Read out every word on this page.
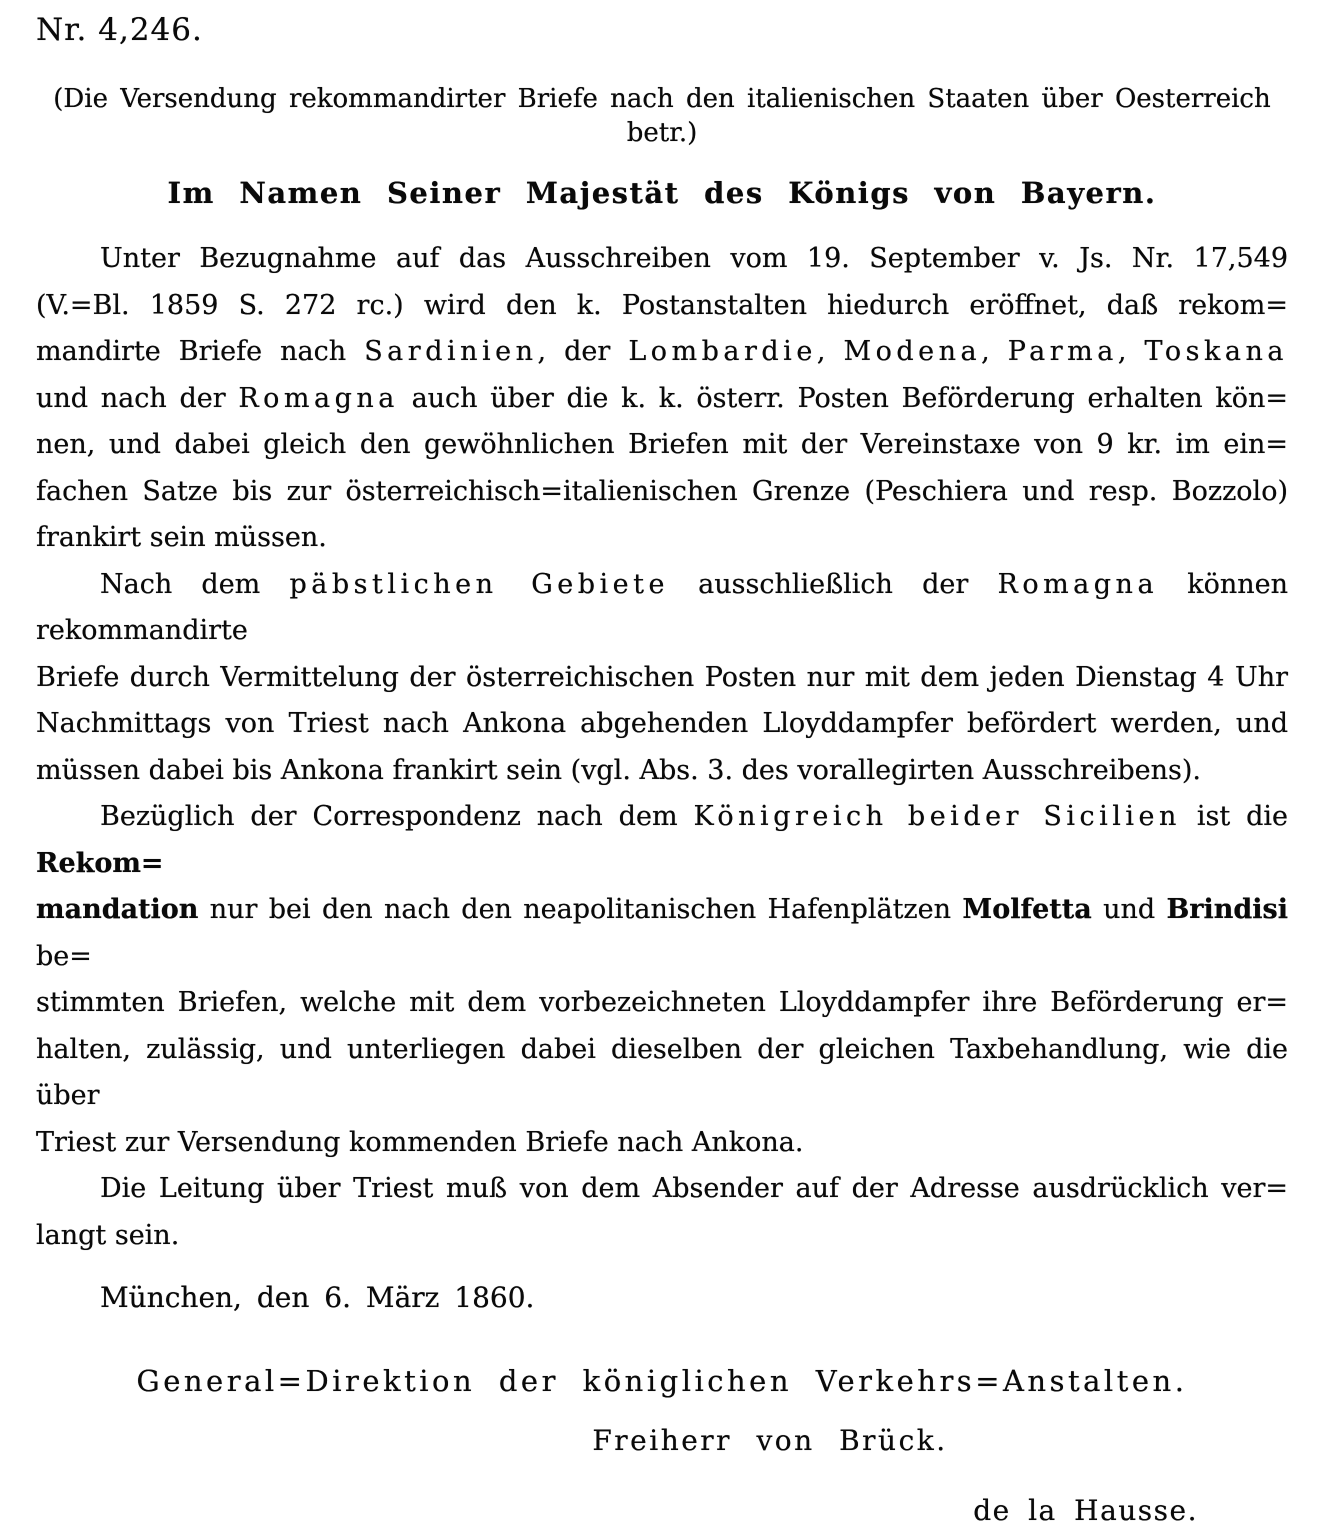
Nr. 4,246.
(Die Versendung rekommandirter Briefe nach den italienischen Staaten über Oesterreich betr.)
Im Namen Seiner Majestät des Königs von Bayern.
Unter Bezugnahme auf das Ausschreiben vom 19. September v. Js. Nr. 17,549
(V.=Bl. 1859 S. 272 rc.) wird den k. Postanstalten hiedurch eröffnet, daß rekom=
mandirte Briefe nach Sardinien, der Lombardie, Modena, Parma, Toskana
und nach der Romagna auch über die k. k. österr. Posten Beförderung erhalten kön=
nen, und dabei gleich den gewöhnlichen Briefen mit der Vereinstaxe von 9 kr. im ein=
fachen Satze bis zur österreichisch=italienischen Grenze (Peschiera und resp. Bozzolo)
frankirt sein müssen.
Nach dem päbstlichen Gebiete ausschließlich der Romagna können rekommandirte
Briefe durch Vermittelung der österreichischen Posten nur mit dem jeden Dienstag 4 Uhr
Nachmittags von Triest nach Ankona abgehenden Lloyddampfer befördert werden, und
müssen dabei bis Ankona frankirt sein (vgl. Abs. 3. des vorallegirten Ausschreibens).
Bezüglich der Correspondenz nach dem Königreich beider Sicilien ist die Rekom=
mandation nur bei den nach den neapolitanischen Hafenplätzen Molfetta und Brindisi be=
stimmten Briefen, welche mit dem vorbezeichneten Lloyddampfer ihre Beförderung er=
halten, zulässig, und unterliegen dabei dieselben der gleichen Taxbehandlung, wie die über
Triest zur Versendung kommenden Briefe nach Ankona.
Die Leitung über Triest muß von dem Absender auf der Adresse ausdrücklich ver=
langt sein.
München, den 6. März 1860.
General=Direktion der königlichen Verkehrs=Anstalten.
Freiherr von Brück.
de la Hausse.
